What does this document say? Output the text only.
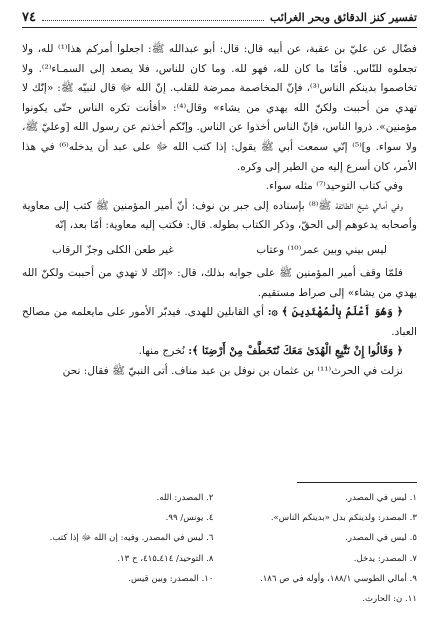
تفسير كنز الدقائق وبحر الغرائب
٧٤

فضّال عن عليّ بن عقبة، عن أبيه قال: قال: أبو عبدالله ﷺ: اجعلوا أمركم هذا⁽¹⁾ لله، ولا تجعلوه للنّاس. فأمّا ما كان لله، فهو لله. وما كان للناس، فلا يصعد إلى السمـاء⁽²⁾. ولا تخاصموا بدينكم الناس⁽³⁾، فإنّ المخاصمة ممرضة للقلب. إنّ الله ﷻ قال لنبيّه ﷺ: «إنّك لا تهدي من أحببت ولكنّ الله يهدي من يشاء» وقال⁽⁴⁾: «أفأنت تكره الناس حتّى يكونوا مؤمنين». ذروا الناس، فإنّ الناس أخذوا عن الناس. وإنّكم أخذتم عن رسول الله [وعليّ ﷺ، ولا سواء. و]⁽⁵⁾ إنّي سمعت أبي ﷺ يقول: إذا كتب الله ﷻ على عبد أن يدخله⁽⁶⁾ في هذا الأمر، كان أسرع إليه من الطير إلى وكره.

وفي كتاب التوحيد⁽⁷⁾ مثله سواء.

وفي أمالي شيخ الطائفة ﷺ⁽⁸⁾ بإسناده إلى جبر بن نوف: أنّ أمير المؤمنين ﷺ كتب إلى معاوية وأصحابه يدعوهم إلى الحقّ، وذكر الكتاب بطوله. قال: فكتب إليه معاوية: أمّا بعد، إنّه

ليس بيني وبين عمر⁽¹⁰⁾ وعتاب
غير طعن الكلى وجزّ الرقاب

فلمّا وقف أمير المؤمنين ﷺ على جوابه بذلك، قال: «إنّك لا تهدي من أحببت ولكنّ الله يهدي من يشاء» إلى صراط مستقيم.

﴿ وَهُوَ أَعْلَمُ بِالْمُهْتَدِينَ ﴾ ۞: أي القابلين للهدى. فيدبّر الأمور على مايعلمه من مصالح العباد.

﴿ وَقَالُوا إِنْ نَتَّبِعِ الْهُدَىٰ مَعَكَ نُتَخَطَّفْ مِنْ أَرْضِنَا ﴾: نُخرج منها.

نزلت في الحرث⁽¹¹⁾ بن عثمان بن نوفل بن عبد مناف. أتى النبيّ ﷺ فقال: نحن

١. ليس في المصدر.
٢. المصدر: الله.
٣. المصدر: ولدينكم بدل «بدينكم الناس».
٤. يونس/ ٩٩.
٥. ليس في المصدر.
٦. ليس في المصدر. وفيه: إن الله ﷻ إذا كتب.
٧. المصدر: يدخل.
٨. التوحيد/ ٤١٤ـ٤١٥، ح ١٣.
٩. أمالي الطوسي ١٨٨/١، وأوله في ص ١٨٦.
١٠. المصدر: وبين قيس.
١١. ن: الحارث.
